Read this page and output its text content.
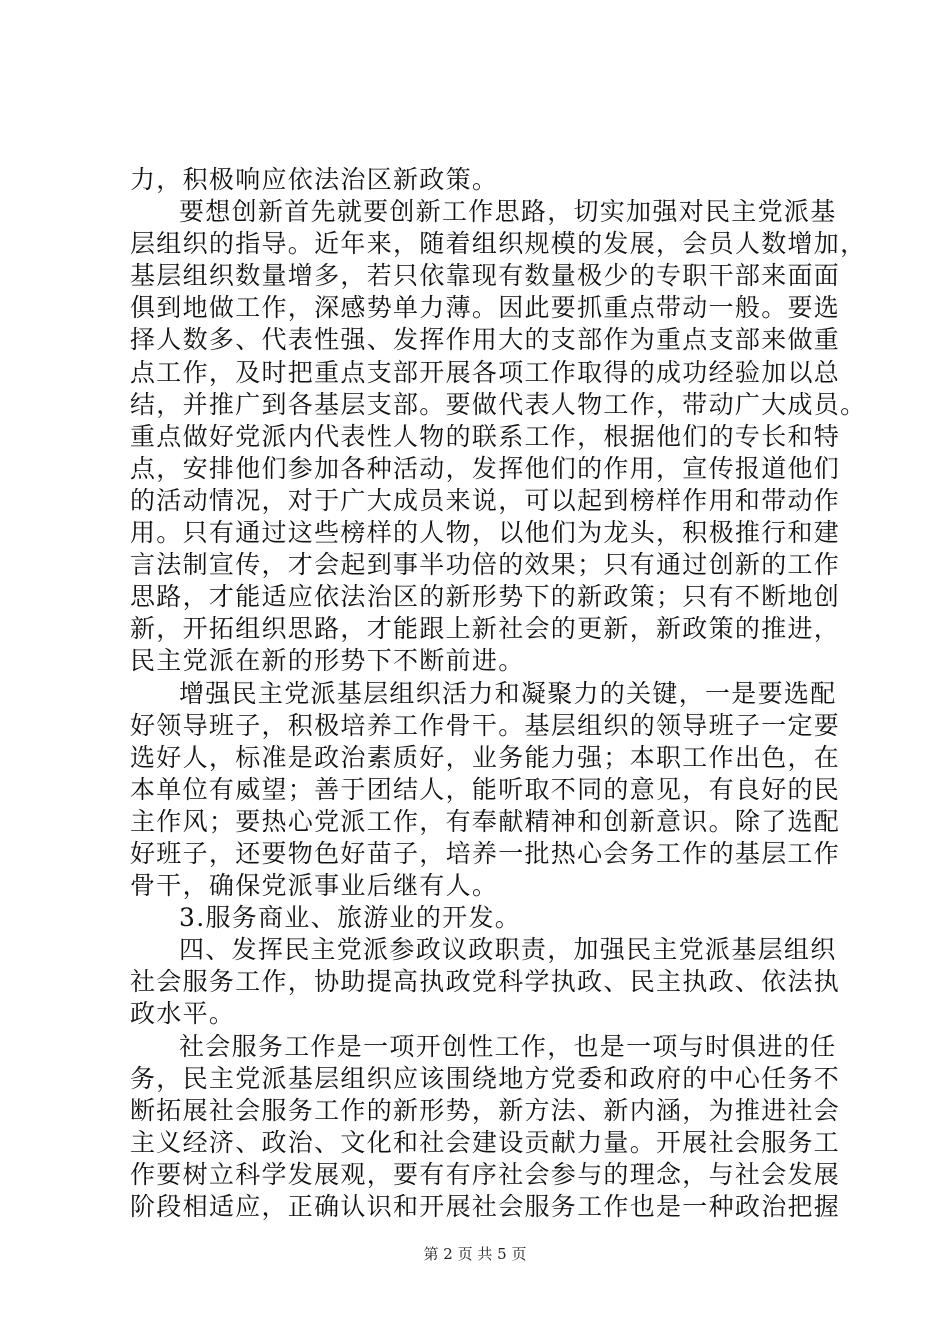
力，积极响应依法治区新政策。
要想创新首先就要创新工作思路，切实加强对民主党派基
层组织的指导。近年来，随着组织规模的发展，会员人数增加，
基层组织数量增多，若只依靠现有数量极少的专职干部来面面
俱到地做工作，深感势单力薄。因此要抓重点带动一般。要选
择人数多、代表性强、发挥作用大的支部作为重点支部来做重
点工作，及时把重点支部开展各项工作取得的成功经验加以总
结，并推广到各基层支部。要做代表人物工作，带动广大成员。
重点做好党派内代表性人物的联系工作，根据他们的专长和特
点，安排他们参加各种活动，发挥他们的作用，宣传报道他们
的活动情况，对于广大成员来说，可以起到榜样作用和带动作
用。只有通过这些榜样的人物，以他们为龙头，积极推行和建
言法制宣传，才会起到事半功倍的效果；只有通过创新的工作
思路，才能适应依法治区的新形势下的新政策；只有不断地创
新，开拓组织思路，才能跟上新社会的更新，新政策的推进，
民主党派在新的形势下不断前进。
增强民主党派基层组织活力和凝聚力的关键，一是要选配
好领导班子，积极培养工作骨干。基层组织的领导班子一定要
选好人，标准是政治素质好，业务能力强；本职工作出色，在
本单位有威望；善于团结人，能听取不同的意见，有良好的民
主作风；要热心党派工作，有奉献精神和创新意识。除了选配
好班子，还要物色好苗子，培养一批热心会务工作的基层工作
骨干，确保党派事业后继有人。
3.服务商业、旅游业的开发。
四、发挥民主党派参政议政职责，加强民主党派基层组织
社会服务工作，协助提高执政党科学执政、民主执政、依法执
政水平。
社会服务工作是一项开创性工作，也是一项与时俱进的任
务，民主党派基层组织应该围绕地方党委和政府的中心任务不
断拓展社会服务工作的新形势，新方法、新内涵，为推进社会
主义经济、政治、文化和社会建设贡献力量。开展社会服务工
作要树立科学发展观，要有有序社会参与的理念，与社会发展
阶段相适应，正确认识和开展社会服务工作也是一种政治把握
第 2 页 共 5 页
